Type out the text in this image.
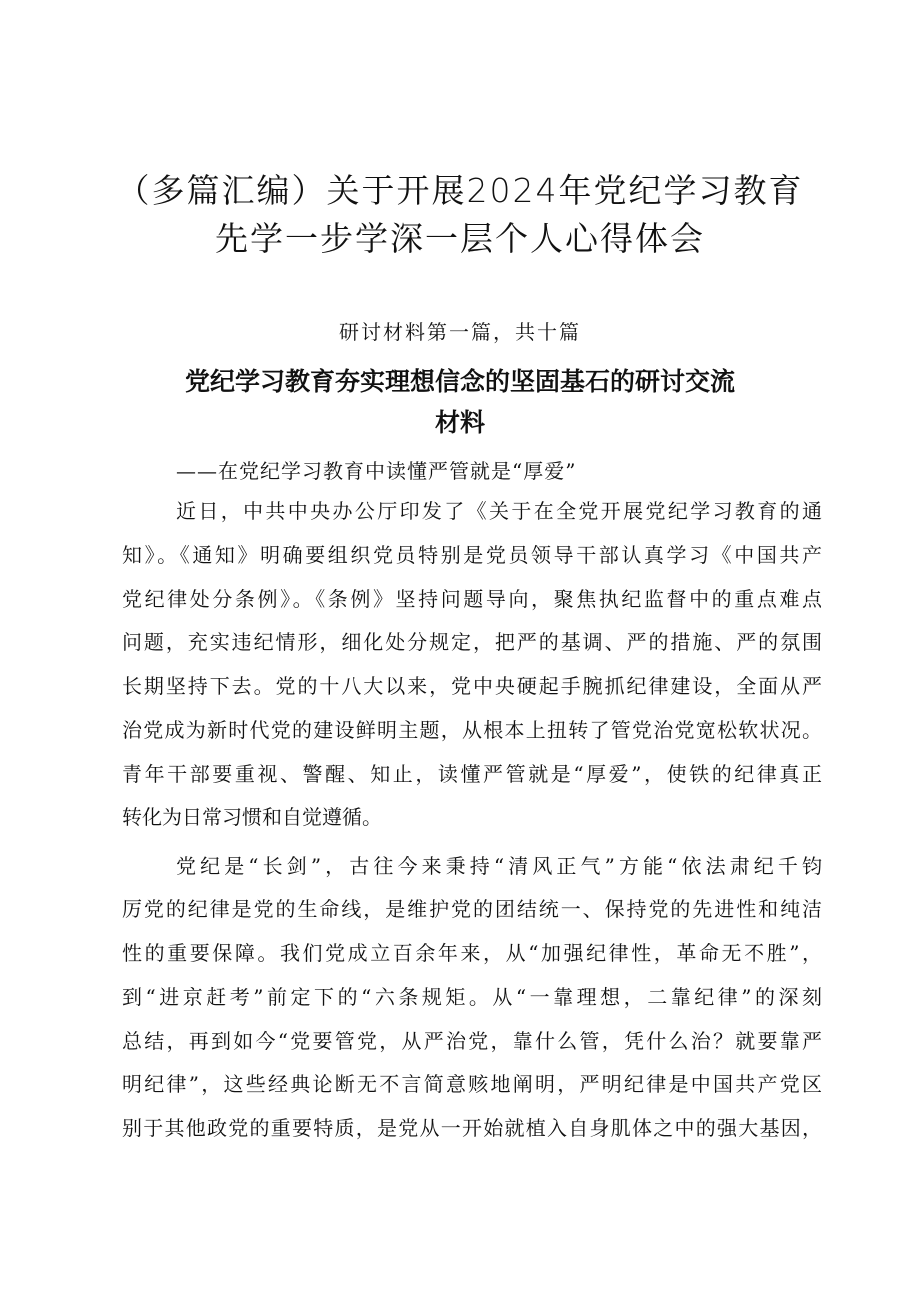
（多篇汇编）关于开展2024年党纪学习教育
先学一步学深一层个人心得体会
研讨材料第一篇，共十篇
党纪学习教育夯实理想信念的坚固基石的研讨交流
材料
——在党纪学习教育中读懂严管就是“厚爱”
近日，中共中央办公厅印发了《关于在全党开展党纪学习教育的通
知》。《通知》明确要组织党员特别是党员领导干部认真学习《中国共产
党纪律处分条例》。《条例》坚持问题导向，聚焦执纪监督中的重点难点
问题，充实违纪情形，细化处分规定，把严的基调、严的措施、严的氛围
长期坚持下去。党的十八大以来，党中央硬起手腕抓纪律建设，全面从严
治党成为新时代党的建设鲜明主题，从根本上扭转了管党治党宽松软状况。
青年干部要重视、警醒、知止，读懂严管就是“厚爱”，使铁的纪律真正
转化为日常习惯和自觉遵循。
党纪是“长剑”，古往今来秉持“清风正气”方能“依法肃纪千钧
厉党的纪律是党的生命线，是维护党的团结统一、保持党的先进性和纯洁
性的重要保障。我们党成立百余年来，从“加强纪律性，革命无不胜”，
到“进京赶考”前定下的“六条规矩。从“一靠理想，二靠纪律”的深刻
总结，再到如今“党要管党，从严治党，靠什么管，凭什么治？就要靠严
明纪律”，这些经典论断无不言简意赅地阐明，严明纪律是中国共产党区
别于其他政党的重要特质，是党从一开始就植入自身肌体之中的强大基因，
